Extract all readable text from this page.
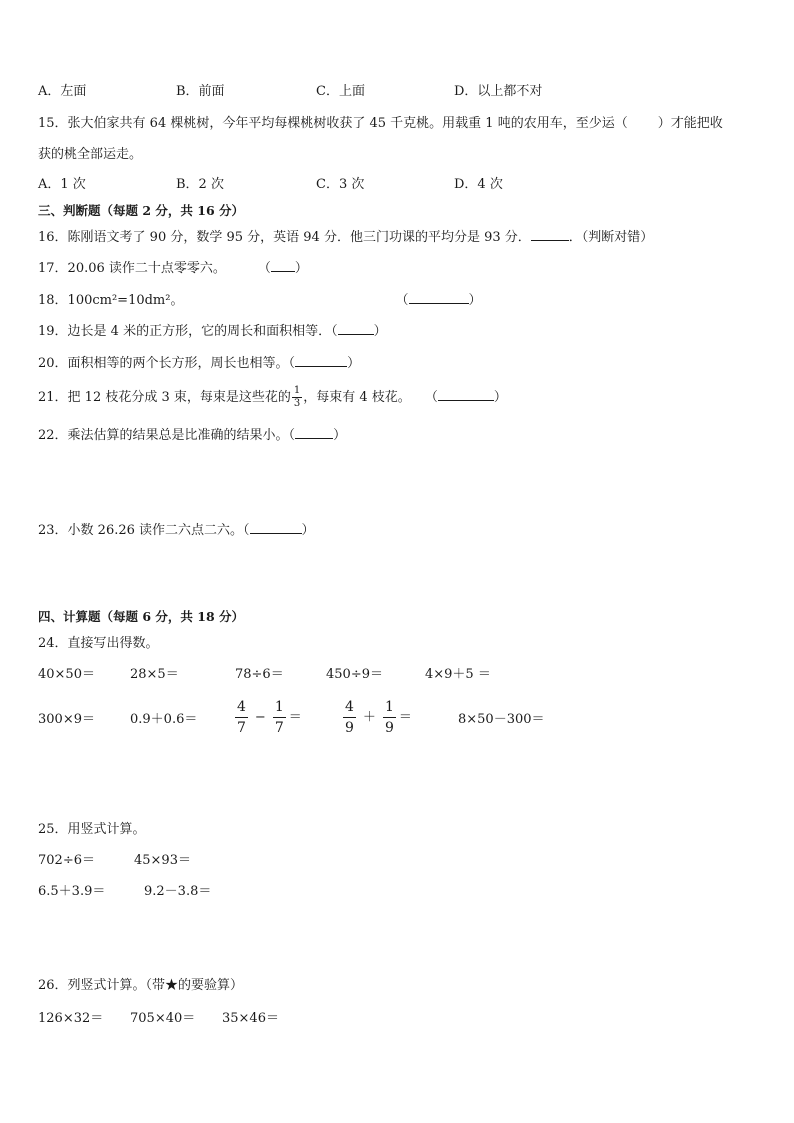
A．左面	B．前面	C．上面	D．以上都不对
15．张大伯家共有 64 棵桃树，今年平均每棵桃树收获了 45 千克桃。用载重 1 吨的农用车，至少运（ ）才能把收
获的桃全部运走。
A．1 次	B．2 次	C．3 次	D．4 次
三、判断题（每题 2 分，共 16 分）
16．陈刚语文考了 90 分，数学 95 分，英语 94 分．他三门功课的平均分是 93 分．	．（判断对错）
17．20.06 读作二十点零零六。 （ ）
18．100cm²=10dm²。	（	）
19．边长是 4 米的正方形，它的周长和面积相等．（	）
20．面积相等的两个长方形，周长也相等。（	）
21．把 12 枝花分成 3 束，每束是这些花的 $\frac{1}{3}$ ，每束有 4 枝花。 （	）
22．乘法估算的结果总是比准确的结果小。（	）
23．小数 26.26 读作二六点二六。（	）
四、计算题（每题 6 分，共 18 分）
24．直接写出得数。
40×50＝	28×5＝	78÷6＝	450÷9＝	4×9＋5 ＝
300×9＝	0.9＋0.6＝	$\frac{4}{7} - \frac{1}{7}$ ＝	$\frac{4}{9} + \frac{1}{9}$ ＝	8×50－300＝
25．用竖式计算。
702÷6＝	45×93＝
6.5＋3.9＝	9.2－3.8＝
26．列竖式计算。（带★的要验算）
126×32＝ 705×40＝ 35×46＝
